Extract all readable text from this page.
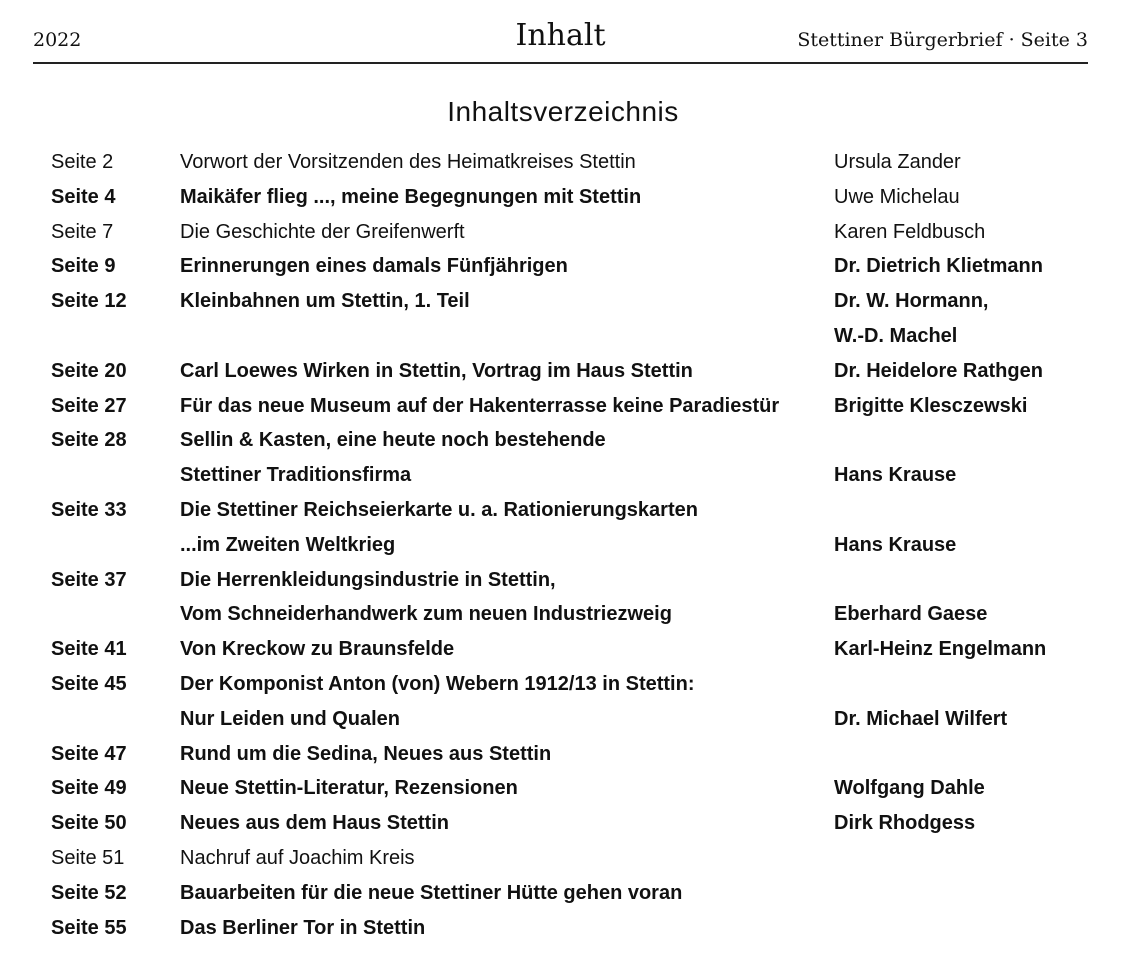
2022	Inhalt	Stettiner Bürgerbrief · Seite 3
Inhaltsverzeichnis
Seite 2	Vorwort der Vorsitzenden des Heimatkreises Stettin	Ursula Zander
Seite 4	Maikäfer flieg ..., meine Begegnungen mit Stettin	Uwe Michelau
Seite 7	Die Geschichte der Greifenwerft	Karen Feldbusch
Seite 9	Erinnerungen eines damals Fünfjährigen	Dr. Dietrich Klietmann
Seite 12	Kleinbahnen um Stettin, 1. Teil	Dr. W. Hormann,
W.-D. Machel
Seite 20	Carl Loewes Wirken in Stettin, Vortrag im Haus Stettin	Dr. Heidelore Rathgen
Seite 27	Für das neue Museum auf der Hakenterrasse keine Paradiestür	Brigitte Klesczewski
Seite 28	Sellin & Kasten, eine heute noch bestehende
Stettiner Traditionsfirma	Hans Krause
Seite 33	Die Stettiner Reichseierkarte u. a. Rationierungskarten
...im Zweiten Weltkrieg	Hans Krause
Seite 37	Die Herrenkleidungsindustrie in Stettin,
Vom Schneiderhandwerk zum neuen Industriezweig	Eberhard Gaese
Seite 41	Von Kreckow zu Braunsfelde	Karl-Heinz Engelmann
Seite 45	Der Komponist Anton (von) Webern 1912/13 in Stettin:
Nur Leiden und Qualen	Dr. Michael Wilfert
Seite 47	Rund um die Sedina, Neues aus Stettin
Seite 49	Neue Stettin-Literatur, Rezensionen	Wolfgang Dahle
Seite 50	Neues aus dem Haus Stettin	Dirk Rhodgess
Seite 51	Nachruf auf Joachim Kreis
Seite 52	Bauarbeiten für die neue Stettiner Hütte gehen voran
Seite 55	Das Berliner Tor in Stettin
